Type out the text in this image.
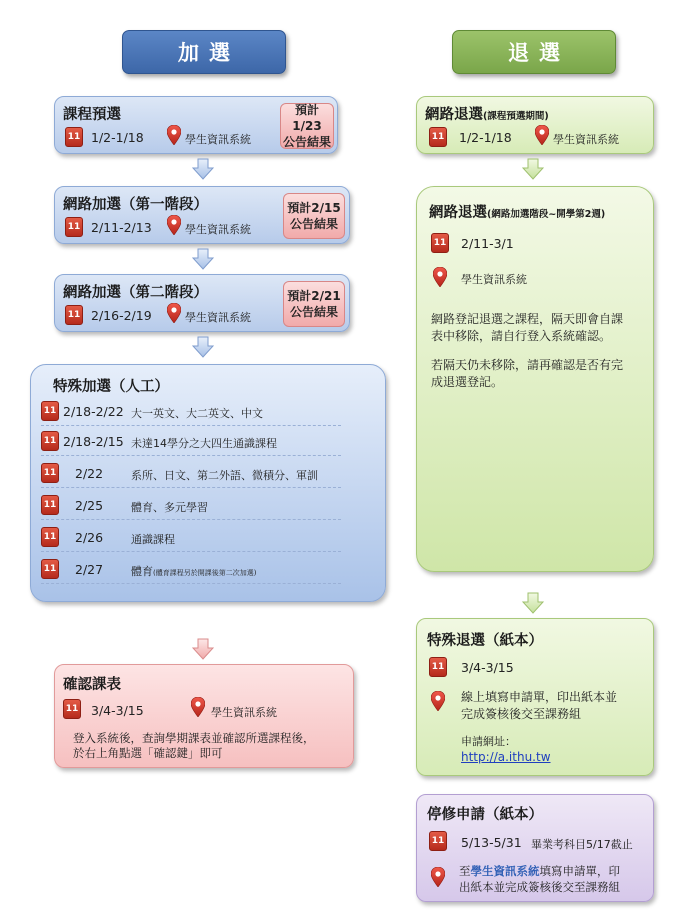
加選
課程預選
11 1/2-1/18	學生資訊系統
預計1/23
公告結果
網路加選（第一階段）
11 2/11-2/13	學生資訊系統
預計2/15
公告結果
網路加選（第二階段）
11 2/16-2/19	學生資訊系統
預計2/21
公告結果
特殊加選（人工）
11 2/18-2/22 大一英文、大二英文、中文
11 2/18-2/15 未達14學分之大四生通識課程
11 2/22	系所、日文、第二外語、微積分、軍訓
11 2/25	體育、多元學習
11 2/26	通識課程
11 2/27	體育(體育課程另於開課後第二次加選)
確認課表
11 3/4-3/15	學生資訊系統
登入系統後，查詢學期課表並確認所選課程後，
於右上角點選「確認鍵」即可
退選
網路退選(課程預選期間)
11 1/2-1/18	學生資訊系統
網路退選(網路加選階段~開學第2週)
11 2/11-3/1
學生資訊系統
網路登記退選之課程，隔天即會自課
表中移除，請自行登入系統確認。
若隔天仍未移除，請再確認是否有完
成退選登記。
特殊退選（紙本）
11 3/4-3/15
線上填寫申請單，印出紙本並
完成簽核後交至課務組
申請網址：
http://a.ithu.tw
停修申請（紙本）
11 5/13-5/31 畢業考科目5/17截止
至學生資訊系統填寫申請單，印
出紙本並完成簽核後交至課務組
